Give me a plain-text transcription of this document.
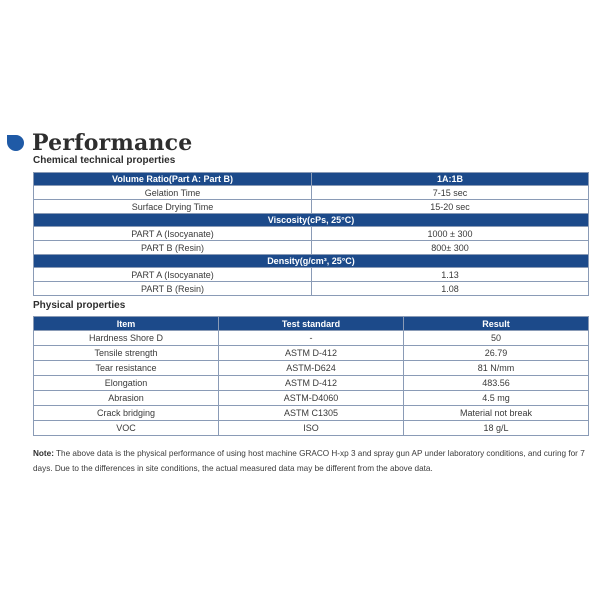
Performance
Chemical technical properties
Volume Ratio(Part A: Part B)	1A:1B
Gelation Time	7-15 sec
Surface Drying Time	15-20 sec
Viscosity(cPs, 25°C)	
PART A (Isocyanate)	1000 ± 300
PART B (Resin)	800± 300
Density(g/cm³, 25°C)	
PART A (Isocyanate)	1.13
PART B (Resin)	1.08
Physical properties
Item	Test standard	Result
Hardness Shore D	-	50
Tensile strength	ASTM D-412	26.79
Tear resistance	ASTM-D624	81 N/mm
Elongation	ASTM D-412	483.56
Abrasion	ASTM-D4060	4.5 mg
Crack bridging	ASTM C1305	Material not break
VOC	ISO	18 g/L
Note: The above data is the physical performance of using host machine GRACO H-xp 3 and spray gun AP under laboratory conditions, and curing for 7 days. Due to the differences in site conditions, the actual measured data may be different from the above data.
